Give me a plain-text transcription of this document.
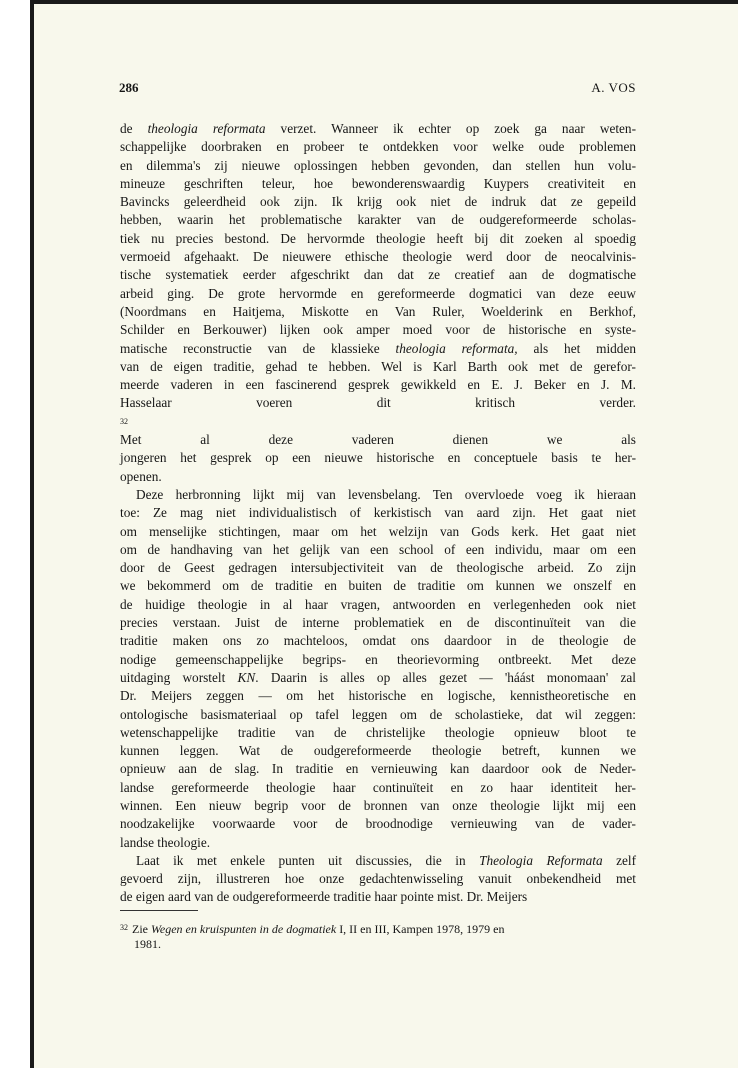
286	A. VOS

de theologia reformata verzet. Wanneer ik echter op zoek ga naar weten-
schappelijke doorbraken en probeer te ontdekken voor welke oude problemen
en dilemma's zij nieuwe oplossingen hebben gevonden, dan stellen hun volu-
mineuze geschriften teleur, hoe bewonderenswaardig Kuypers creativiteit en
Bavincks geleerdheid ook zijn. Ik krijg ook niet de indruk dat ze gepeild
hebben, waarin het problematische karakter van de oudgereformeerde scholas-
tiek nu precies bestond. De hervormde theologie heeft bij dit zoeken al spoedig
vermoeid afgehaakt. De nieuwere ethische theologie werd door de neocalvinis-
tische systematiek eerder afgeschrikt dan dat ze creatief aan de dogmatische
arbeid ging. De grote hervormde en gereformeerde dogmatici van deze eeuw
(Noordmans en Haitjema, Miskotte en Van Ruler, Woelderink en Berkhof,
Schilder en Berkouwer) lijken ook amper moed voor de historische en syste-
matische reconstructie van de klassieke theologia reformata, als het midden
van de eigen traditie, gehad te hebben. Wel is Karl Barth ook met de gerefor-
meerde vaderen in een fascinerend gesprek gewikkeld en E. J. Beker en J. M.
Hasselaar voeren dit kritisch verder.
32
Met al deze vaderen dienen we als
jongeren het gesprek op een nieuwe historische en conceptuele basis te her-
openen.

Deze herbronning lijkt mij van levensbelang. Ten overvloede voeg ik hieraan
toe: Ze mag niet individualistisch of kerkistisch van aard zijn. Het gaat niet
om menselijke stichtingen, maar om het welzijn van Gods kerk. Het gaat niet
om de handhaving van het gelijk van een school of een individu, maar om een
door de Geest gedragen intersubjectiviteit van de theologische arbeid. Zo zijn
we bekommerd om de traditie en buiten de traditie om kunnen we onszelf en
de huidige theologie in al haar vragen, antwoorden en verlegenheden ook niet
precies verstaan. Juist de interne problematiek en de discontinuïteit van die
traditie maken ons zo machteloos, omdat ons daardoor in de theologie de
nodige gemeenschappelijke begrips- en theorievorming ontbreekt. Met deze
uitdaging worstelt KN. Daarin is alles op alles gezet — 'háást monomaan' zal
Dr. Meijers zeggen — om het historische en logische, kennistheoretische en
ontologische basismateriaal op tafel leggen om de scholastieke, dat wil zeggen:
wetenschappelijke traditie van de christelijke theologie opnieuw bloot te
kunnen leggen. Wat de oudgereformeerde theologie betreft, kunnen we
opnieuw aan de slag. In traditie en vernieuwing kan daardoor ook de Neder-
landse gereformeerde theologie haar continuïteit en zo haar identiteit her-
winnen. Een nieuw begrip voor de bronnen van onze theologie lijkt mij een
noodzakelijke voorwaarde voor de broodnodige vernieuwing van de vader-
landse theologie.

Laat ik met enkele punten uit discussies, die in Theologia Reformata zelf
gevoerd zijn, illustreren hoe onze gedachtenwisseling vanuit onbekendheid met
de eigen aard van de oudgereformeerde traditie haar pointe mist. Dr. Meijers

$^{32}$ Zie Wegen en kruispunten in de dogmatiek I, II en III, Kampen 1978, 1979 en
1981.
